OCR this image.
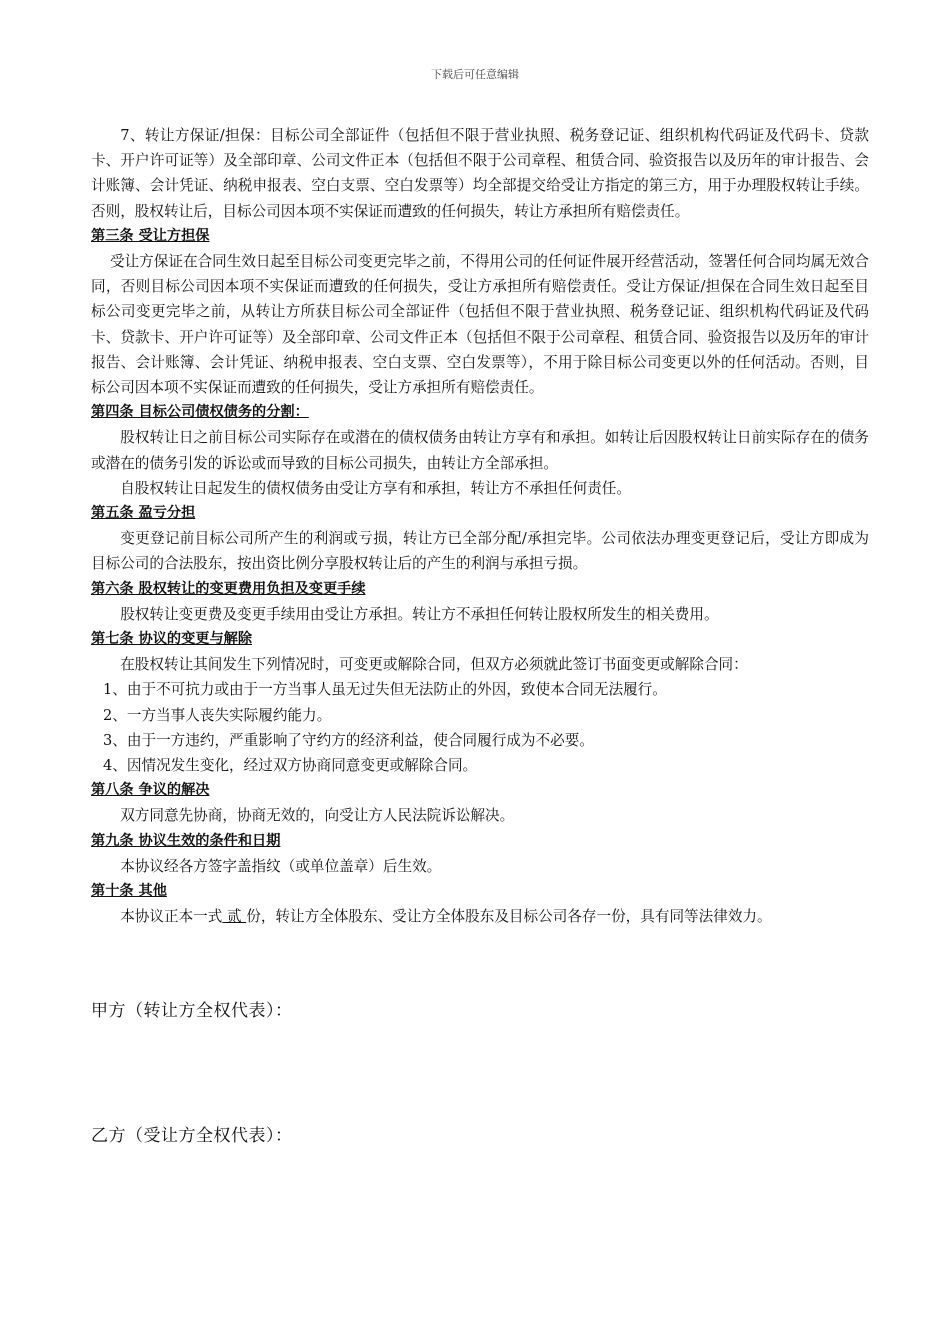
下载后可任意编辑

7、转让方保证/担保：目标公司全部证件（包括但不限于营业执照、税务登记证、组织机构代码证及代码卡、贷款卡、开户许可证等）及全部印章、公司文件正本（包括但不限于公司章程、租赁合同、验资报告以及历年的审计报告、会计账簿、会计凭证、纳税申报表、空白支票、空白发票等）均全部提交给受让方指定的第三方，用于办理股权转让手续。否则，股权转让后，目标公司因本项不实保证而遭致的任何损失，转让方承担所有赔偿责任。

第三条 受让方担保

受让方保证在合同生效日起至目标公司变更完毕之前，不得用公司的任何证件展开经营活动，签署任何合同均属无效合同，否则目标公司因本项不实保证而遭致的任何损失，受让方承担所有赔偿责任。受让方保证/担保在合同生效日起至目标公司变更完毕之前，从转让方所获目标公司全部证件（包括但不限于营业执照、税务登记证、组织机构代码证及代码卡、贷款卡、开户许可证等）及全部印章、公司文件正本（包括但不限于公司章程、租赁合同、验资报告以及历年的审计报告、会计账簿、会计凭证、纳税申报表、空白支票、空白发票等），不用于除目标公司变更以外的任何活动。否则，目标公司因本项不实保证而遭致的任何损失，受让方承担所有赔偿责任。

第四条 目标公司债权债务的分割：

股权转让日之前目标公司实际存在或潜在的债权债务由转让方享有和承担。如转让后因股权转让日前实际存在的债务或潜在的债务引发的诉讼或而导致的目标公司损失，由转让方全部承担。

自股权转让日起发生的债权债务由受让方享有和承担，转让方不承担任何责任。

第五条 盈亏分担

变更登记前目标公司所产生的利润或亏损，转让方已全部分配/承担完毕。公司依法办理变更登记后，受让方即成为目标公司的合法股东，按出资比例分享股权转让后的产生的利润与承担亏损。

第六条 股权转让的变更费用负担及变更手续

股权转让变更费及变更手续用由受让方承担。转让方不承担任何转让股权所发生的相关费用。

第七条 协议的变更与解除

在股权转让其间发生下列情况时，可变更或解除合同，但双方必须就此签订书面变更或解除合同：

1、由于不可抗力或由于一方当事人虽无过失但无法防止的外因，致使本合同无法履行。

2、一方当事人丧失实际履约能力。

3、由于一方违约，严重影响了守约方的经济利益，使合同履行成为不必要。

4、因情况发生变化，经过双方协商同意变更或解除合同。

第八条 争议的解决

双方同意先协商，协商无效的，向受让方人民法院诉讼解决。

第九条 协议生效的条件和日期

本协议经各方签字盖指纹（或单位盖章）后生效。

第十条 其他

本协议正本一式 贰 份，转让方全体股东、受让方全体股东及目标公司各存一份，具有同等法律效力。

甲方（转让方全权代表）：
乙方（受让方全权代表）：
